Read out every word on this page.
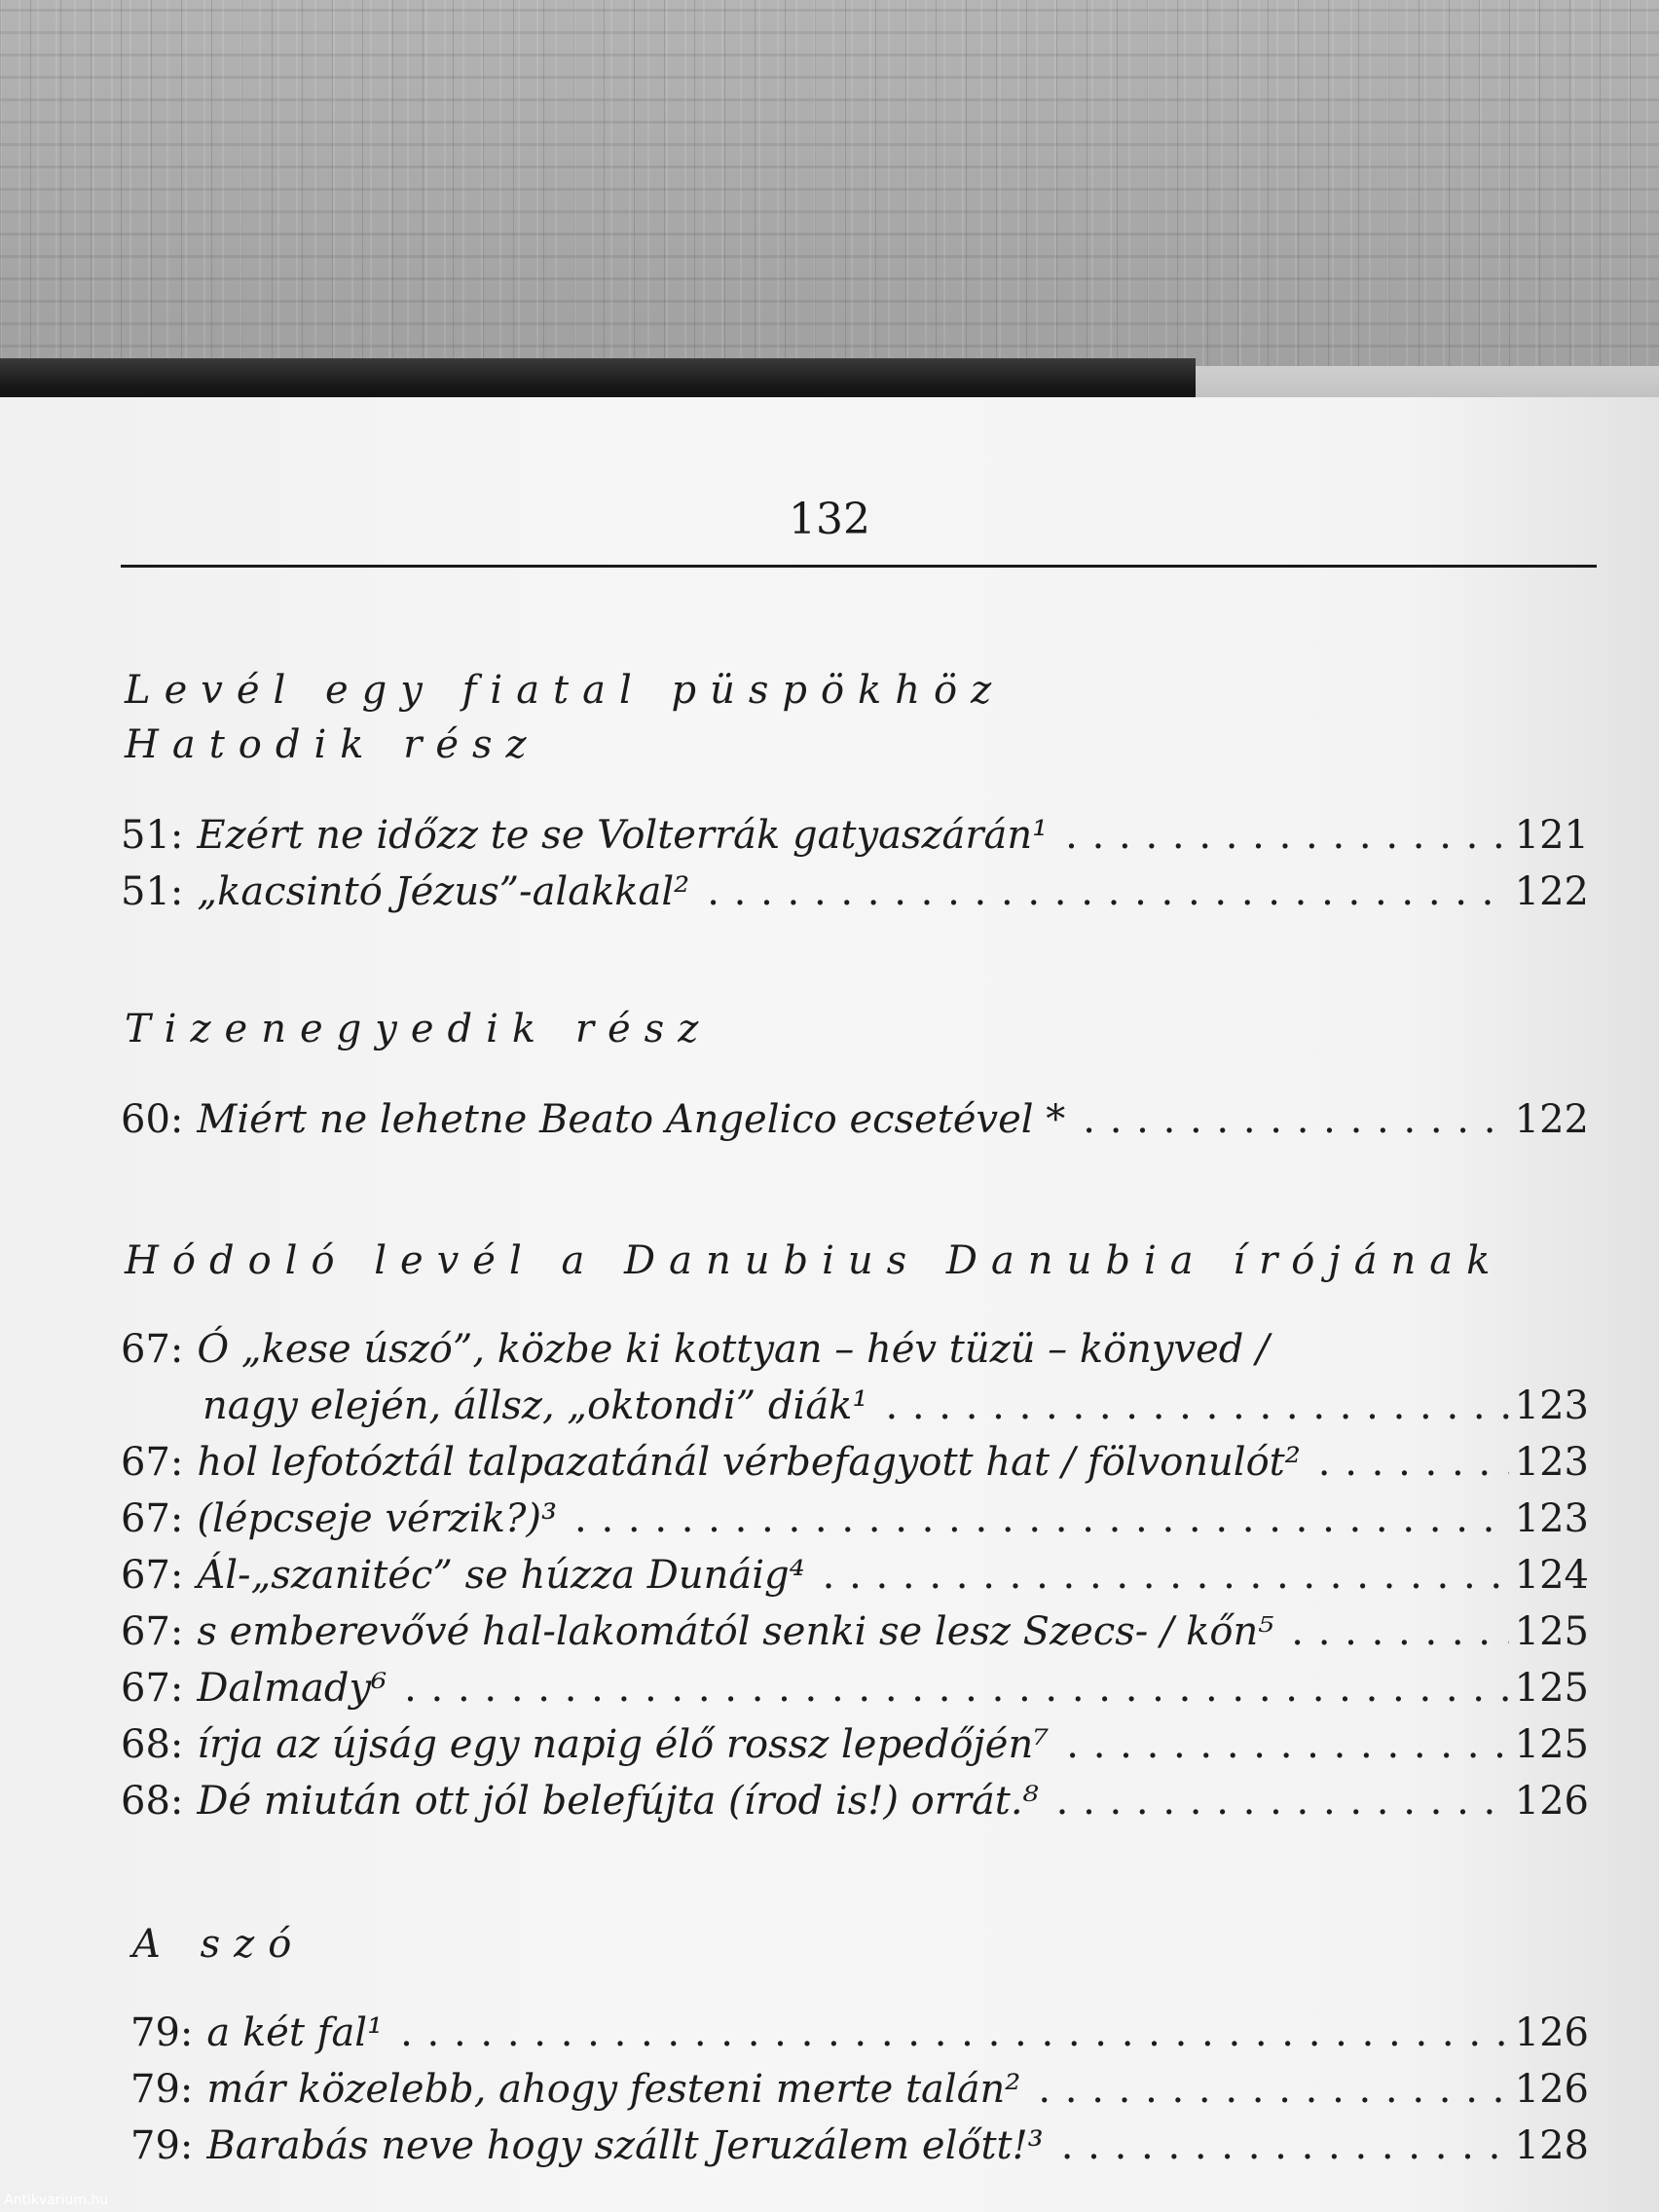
132
Levél egy fiatal püspökhöz
Hatodik rész
51: Ezért ne időzz te se Volterrák gatyaszárán¹ . . .	121
51: „kacsintó Jézus”-alakkal² . . .	122
Tizenegyedik rész
60: Miért ne lehetne Beato Angelico ecsetével * . . .	122
Hódoló levél a Danubius Danubia írójának
67: Ó „kese úszó”, közbe ki kottyan – hév tüzü – könyved /
nagy elején, állsz, „oktondi” diák¹ . . .	123
67: hol lefotóztál talpazatánál vérbefagyott hat / fölvonulót² . . .	123
67: (lépcseje vérzik?)³ . . .	123
67: Ál-„szanitéc” se húzza Dunáig⁴ . . .	124
67: s emberevővé hal-lakomától senki se lesz Szecs- / kőn⁵ . . .	125
67: Dalmady⁶ . . .	125
68: írja az újság egy napig élő rossz lepedőjén⁷ . . .	125
68: Dé miután ott jól belefújta (írod is!) orrát.⁸ . . .	126
A szó
79: a két fal¹ . . .	126
79: már közelebb, ahogy festeni merte talán² . . .	126
79: Barabás neve hogy szállt Jeruzálem előtt!³ . . .	128
Antikvarium.hu
